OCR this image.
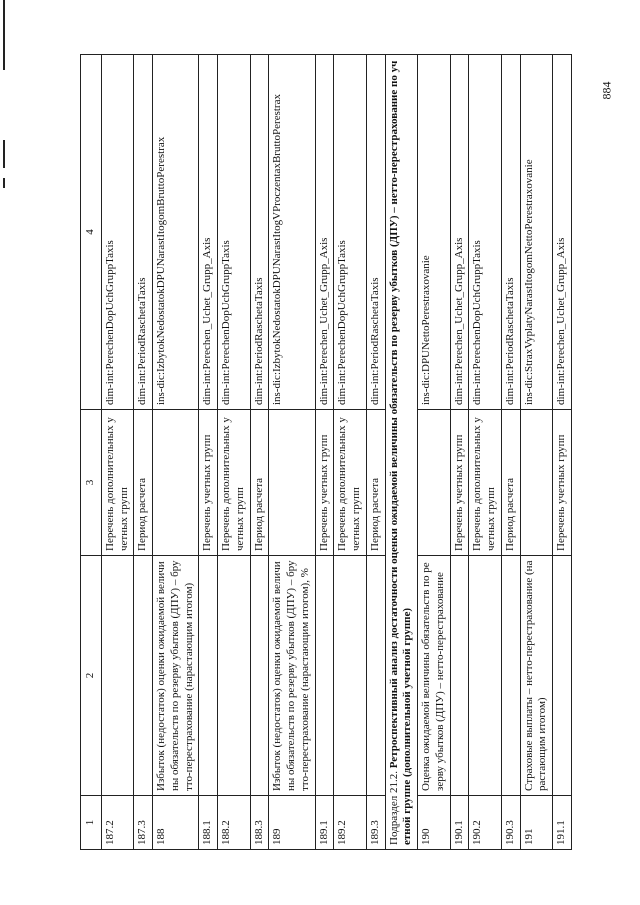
1	2	3	4
187.2		Перечень дополнительных учетных групп	dim-int:PerechenDopUchGruppTaxis
187.3		Период расчета	dim-int:PeriodRaschetaTaxis
188	Избыток (недостаток) оценки ожидаемой величины обязательств по резерву убытков (ДПУ) – брутто-перестрахование (нарастающим итогом)		ins-dic:IzbytokNedostatokDPUNarastItogomBruttoPerestrax
188.1		Перечень учетных групп	dim-int:Perechen_Uchet_Grupp_Axis
188.2		Перечень дополнительных учетных групп	dim-int:PerechenDopUchGruppTaxis
188.3		Период расчета	dim-int:PeriodRaschetaTaxis
189	Избыток (недостаток) оценки ожидаемой величины обязательств по резерву убытков (ДПУ) – брутто-перестрахование (нарастающим итогом), %		ins-dic:IzbytokNedostatokDPUNarastItogVProczentaxBruttoPerestrax
189.1		Перечень учетных групп	dim-int:Perechen_Uchet_Grupp_Axis
189.2		Перечень дополнительных учетных групп	dim-int:PerechenDopUchGruppTaxis
189.3		Период расчета	dim-int:PeriodRaschetaTaxis
Подраздел 21.2. Ретроспективный анализ достаточности оценки ожидаемой величины обязательств по резерву убытков (ДПУ) – нетто-перестрахование по учетной группе (дополнительной учетной группе)			
190	Оценка ожидаемой величины обязательств по резерву убытков (ДПУ) – нетто-перестрахование		ins-dic:DPUNettoPerestraxovanie
190.1		Перечень учетных групп	dim-int:Perechen_Uchet_Grupp_Axis
190.2		Перечень дополнительных учетных групп	dim-int:PerechenDopUchGruppTaxis
190.3		Период расчета	dim-int:PeriodRaschetaTaxis
191	Страховые выплаты – нетто-перестрахование (нарастающим итогом)		ins-dic:StraxVyplatyNarastItogomNettoPerestraxovanie
191.1		Перечень учетных групп	dim-int:Perechen_Uchet_Grupp_Axis
884
